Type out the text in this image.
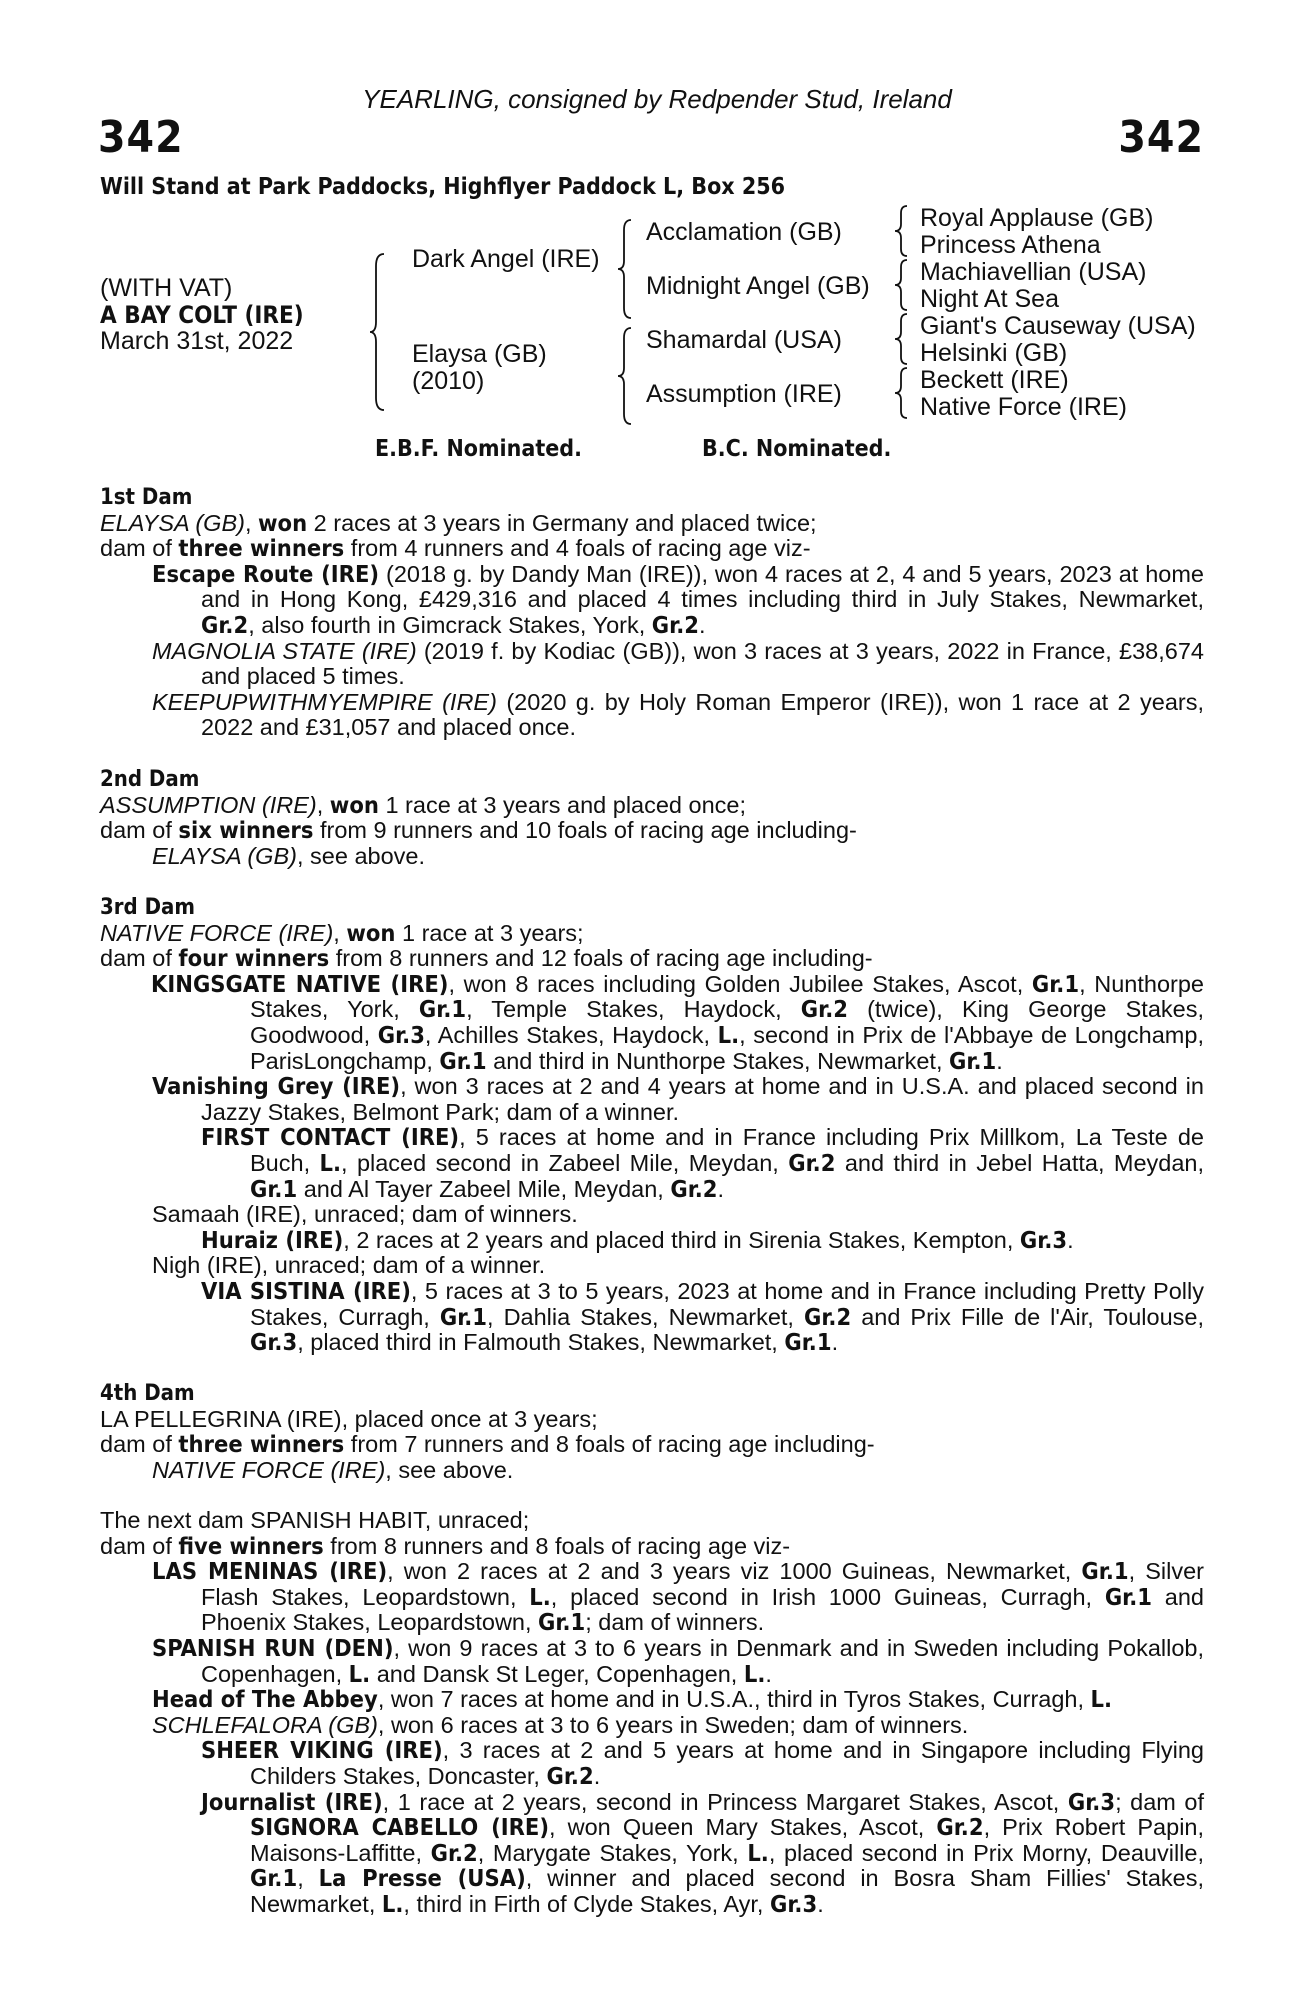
342	342
YEARLING, consigned by Redpender Stud, Ireland
Will Stand at Park Paddocks, Highflyer Paddock L, Box 256
(WITH VAT)
A BAY COLT (IRE)
March 31st, 2022
Dark Angel (IRE)
Elaysa (GB)
(2010)
Acclamation (GB)
Midnight Angel (GB)
Shamardal (USA)
Assumption (IRE)
Royal Applause (GB)
Princess Athena
Machiavellian (USA)
Night At Sea
Giant's Causeway (USA)
Helsinki (GB)
Beckett (IRE)
Native Force (IRE)
E.B.F. Nominated.	B.C. Nominated.
1st Dam
ELAYSA (GB), won 2 races at 3 years in Germany and placed twice;
dam of three winners from 4 runners and 4 foals of racing age viz-
Escape Route (IRE) (2018 g. by Dandy Man (IRE)), won 4 races at 2, 4 and 5 years, 2023 at home and in Hong Kong, £429,316 and placed 4 times including third in July Stakes, Newmarket, Gr.2, also fourth in Gimcrack Stakes, York, Gr.2.
MAGNOLIA STATE (IRE) (2019 f. by Kodiac (GB)), won 3 races at 3 years, 2022 in France, £38,674 and placed 5 times.
KEEPUPWITHMYEMPIRE (IRE) (2020 g. by Holy Roman Emperor (IRE)), won 1 race at 2 years, 2022 and £31,057 and placed once.
2nd Dam
ASSUMPTION (IRE), won 1 race at 3 years and placed once;
dam of six winners from 9 runners and 10 foals of racing age including-
ELAYSA (GB), see above.
3rd Dam
NATIVE FORCE (IRE), won 1 race at 3 years;
dam of four winners from 8 runners and 12 foals of racing age including-
KINGSGATE NATIVE (IRE), won 8 races including Golden Jubilee Stakes, Ascot, Gr.1, Nunthorpe Stakes, York, Gr.1, Temple Stakes, Haydock, Gr.2 (twice), King George Stakes, Goodwood, Gr.3, Achilles Stakes, Haydock, L., second in Prix de l'Abbaye de Longchamp, ParisLongchamp, Gr.1 and third in Nunthorpe Stakes, Newmarket, Gr.1.
Vanishing Grey (IRE), won 3 races at 2 and 4 years at home and in U.S.A. and placed second in Jazzy Stakes, Belmont Park; dam of a winner.
FIRST CONTACT (IRE), 5 races at home and in France including Prix Millkom, La Teste de Buch, L., placed second in Zabeel Mile, Meydan, Gr.2 and third in Jebel Hatta, Meydan, Gr.1 and Al Tayer Zabeel Mile, Meydan, Gr.2.
Samaah (IRE), unraced; dam of winners.
Huraiz (IRE), 2 races at 2 years and placed third in Sirenia Stakes, Kempton, Gr.3.
Nigh (IRE), unraced; dam of a winner.
VIA SISTINA (IRE), 5 races at 3 to 5 years, 2023 at home and in France including Pretty Polly Stakes, Curragh, Gr.1, Dahlia Stakes, Newmarket, Gr.2 and Prix Fille de l'Air, Toulouse, Gr.3, placed third in Falmouth Stakes, Newmarket, Gr.1.
4th Dam
LA PELLEGRINA (IRE), placed once at 3 years;
dam of three winners from 7 runners and 8 foals of racing age including-
NATIVE FORCE (IRE), see above.
The next dam SPANISH HABIT, unraced;
dam of five winners from 8 runners and 8 foals of racing age viz-
LAS MENINAS (IRE), won 2 races at 2 and 3 years viz 1000 Guineas, Newmarket, Gr.1, Silver Flash Stakes, Leopardstown, L., placed second in Irish 1000 Guineas, Curragh, Gr.1 and Phoenix Stakes, Leopardstown, Gr.1; dam of winners.
SPANISH RUN (DEN), won 9 races at 3 to 6 years in Denmark and in Sweden including Pokallob, Copenhagen, L. and Dansk St Leger, Copenhagen, L..
Head of The Abbey, won 7 races at home and in U.S.A., third in Tyros Stakes, Curragh, L.
SCHLEFALORA (GB), won 6 races at 3 to 6 years in Sweden; dam of winners.
SHEER VIKING (IRE), 3 races at 2 and 5 years at home and in Singapore including Flying Childers Stakes, Doncaster, Gr.2.
Journalist (IRE), 1 race at 2 years, second in Princess Margaret Stakes, Ascot, Gr.3; dam of SIGNORA CABELLO (IRE), won Queen Mary Stakes, Ascot, Gr.2, Prix Robert Papin, Maisons-Laffitte, Gr.2, Marygate Stakes, York, L., placed second in Prix Morny, Deauville, Gr.1, La Presse (USA), winner and placed second in Bosra Sham Fillies' Stakes, Newmarket, L., third in Firth of Clyde Stakes, Ayr, Gr.3.
